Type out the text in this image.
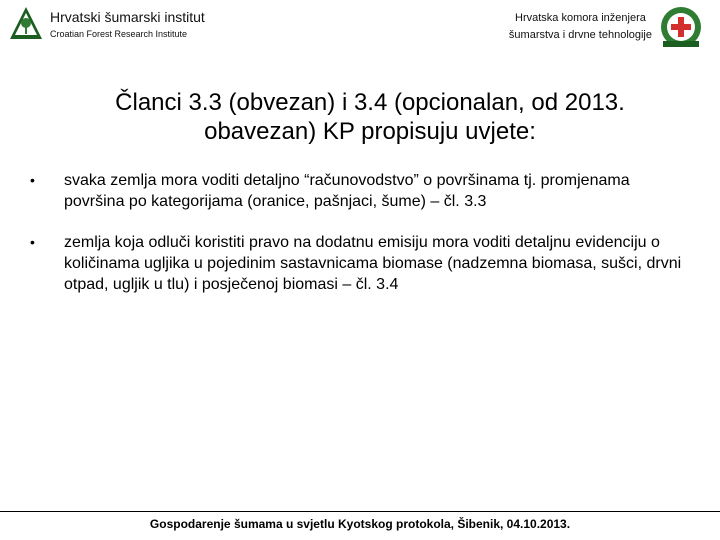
Hrvatski šumarski institut
Croatian Forest Research Institute
Hrvatska komora inženjera
šumarstva i drvne tehnologije
Članci 3.3 (obvezan) i 3.4 (opcionalan, od 2013. obavezan) KP propisuju uvjete:
• svaka zemlja mora voditi detaljno “računovodstvo” o površinama tj. promjenama površina po kategorijama (oranice, pašnjaci, šume) – čl. 3.3
• zemlja koja odluči koristiti pravo na dodatnu emisiju mora voditi detaljnu evidenciju o količinama ugljika u pojedinim sastavnicama biomase (nadzemna biomasa, sušci, drvni otpad, ugljik u tlu) i posječenoj biomasi – čl. 3.4
Gospodarenje šumama u svjetlu Kyotskog protokola, Šibenik, 04.10.2013.
